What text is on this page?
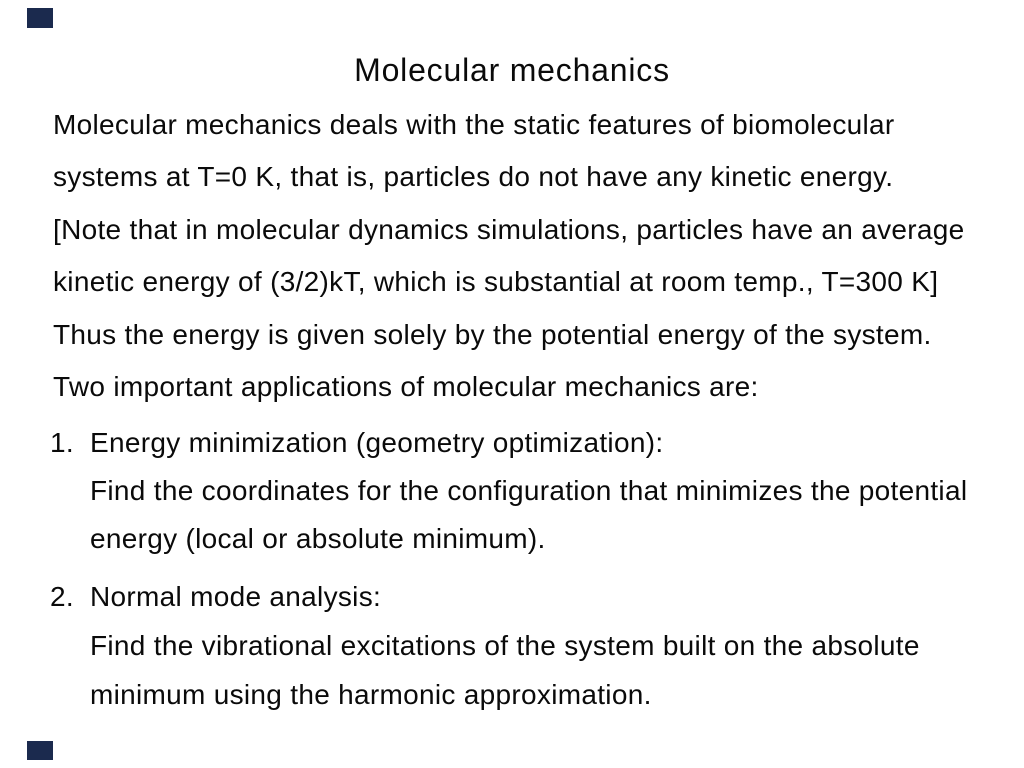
Molecular mechanics
Molecular mechanics deals with the static features of biomolecular
systems at T=0 K, that is, particles do not have any kinetic energy.
[Note that in molecular dynamics simulations, particles have an average
kinetic energy of (3/2)kT, which is substantial at room temp., T=300 K]
Thus the energy is given solely by the potential energy of the system.
Two important applications of molecular mechanics are:
1. Energy minimization (geometry optimization):
Find the coordinates for the configuration that minimizes the potential
energy (local or absolute minimum).
2. Normal mode analysis:
Find the vibrational excitations of the system built on the absolute
minimum using the harmonic approximation.
